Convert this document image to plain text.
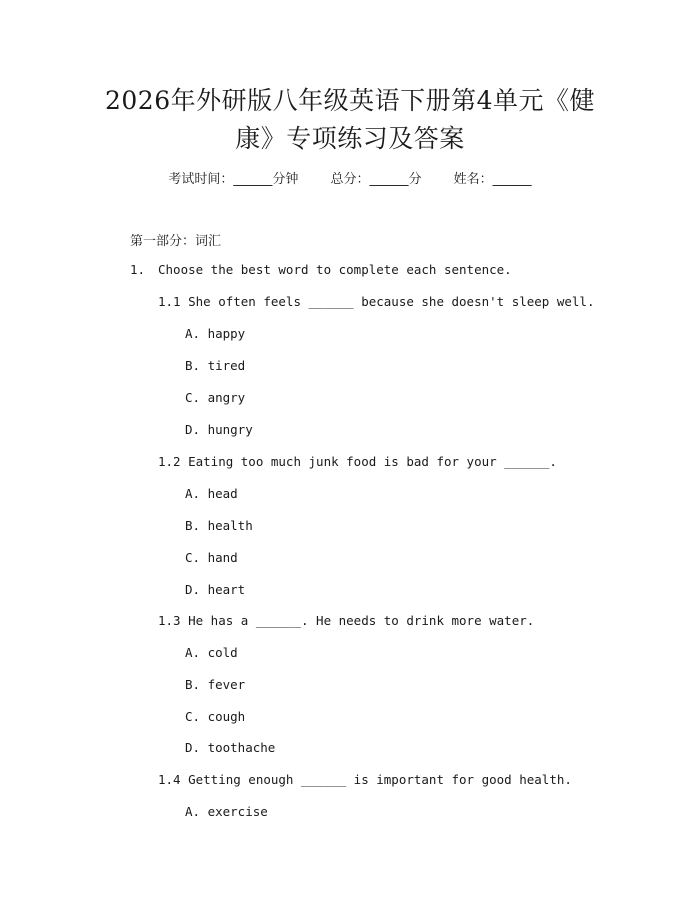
2026年外研版八年级英语下册第4单元《健
康》专项练习及答案
考试时间：______分钟 总分：______分 姓名：______
第一部分：词汇
1. Choose the best word to complete each sentence.
1.1 She often feels ______ because she doesn't sleep well.
A. happy
B. tired
C. angry
D. hungry
1.2 Eating too much junk food is bad for your ______.
A. head
B. health
C. hand
D. heart
1.3 He has a ______. He needs to drink more water.
A. cold
B. fever
C. cough
D. toothache
1.4 Getting enough ______ is important for good health.
A. exercise
